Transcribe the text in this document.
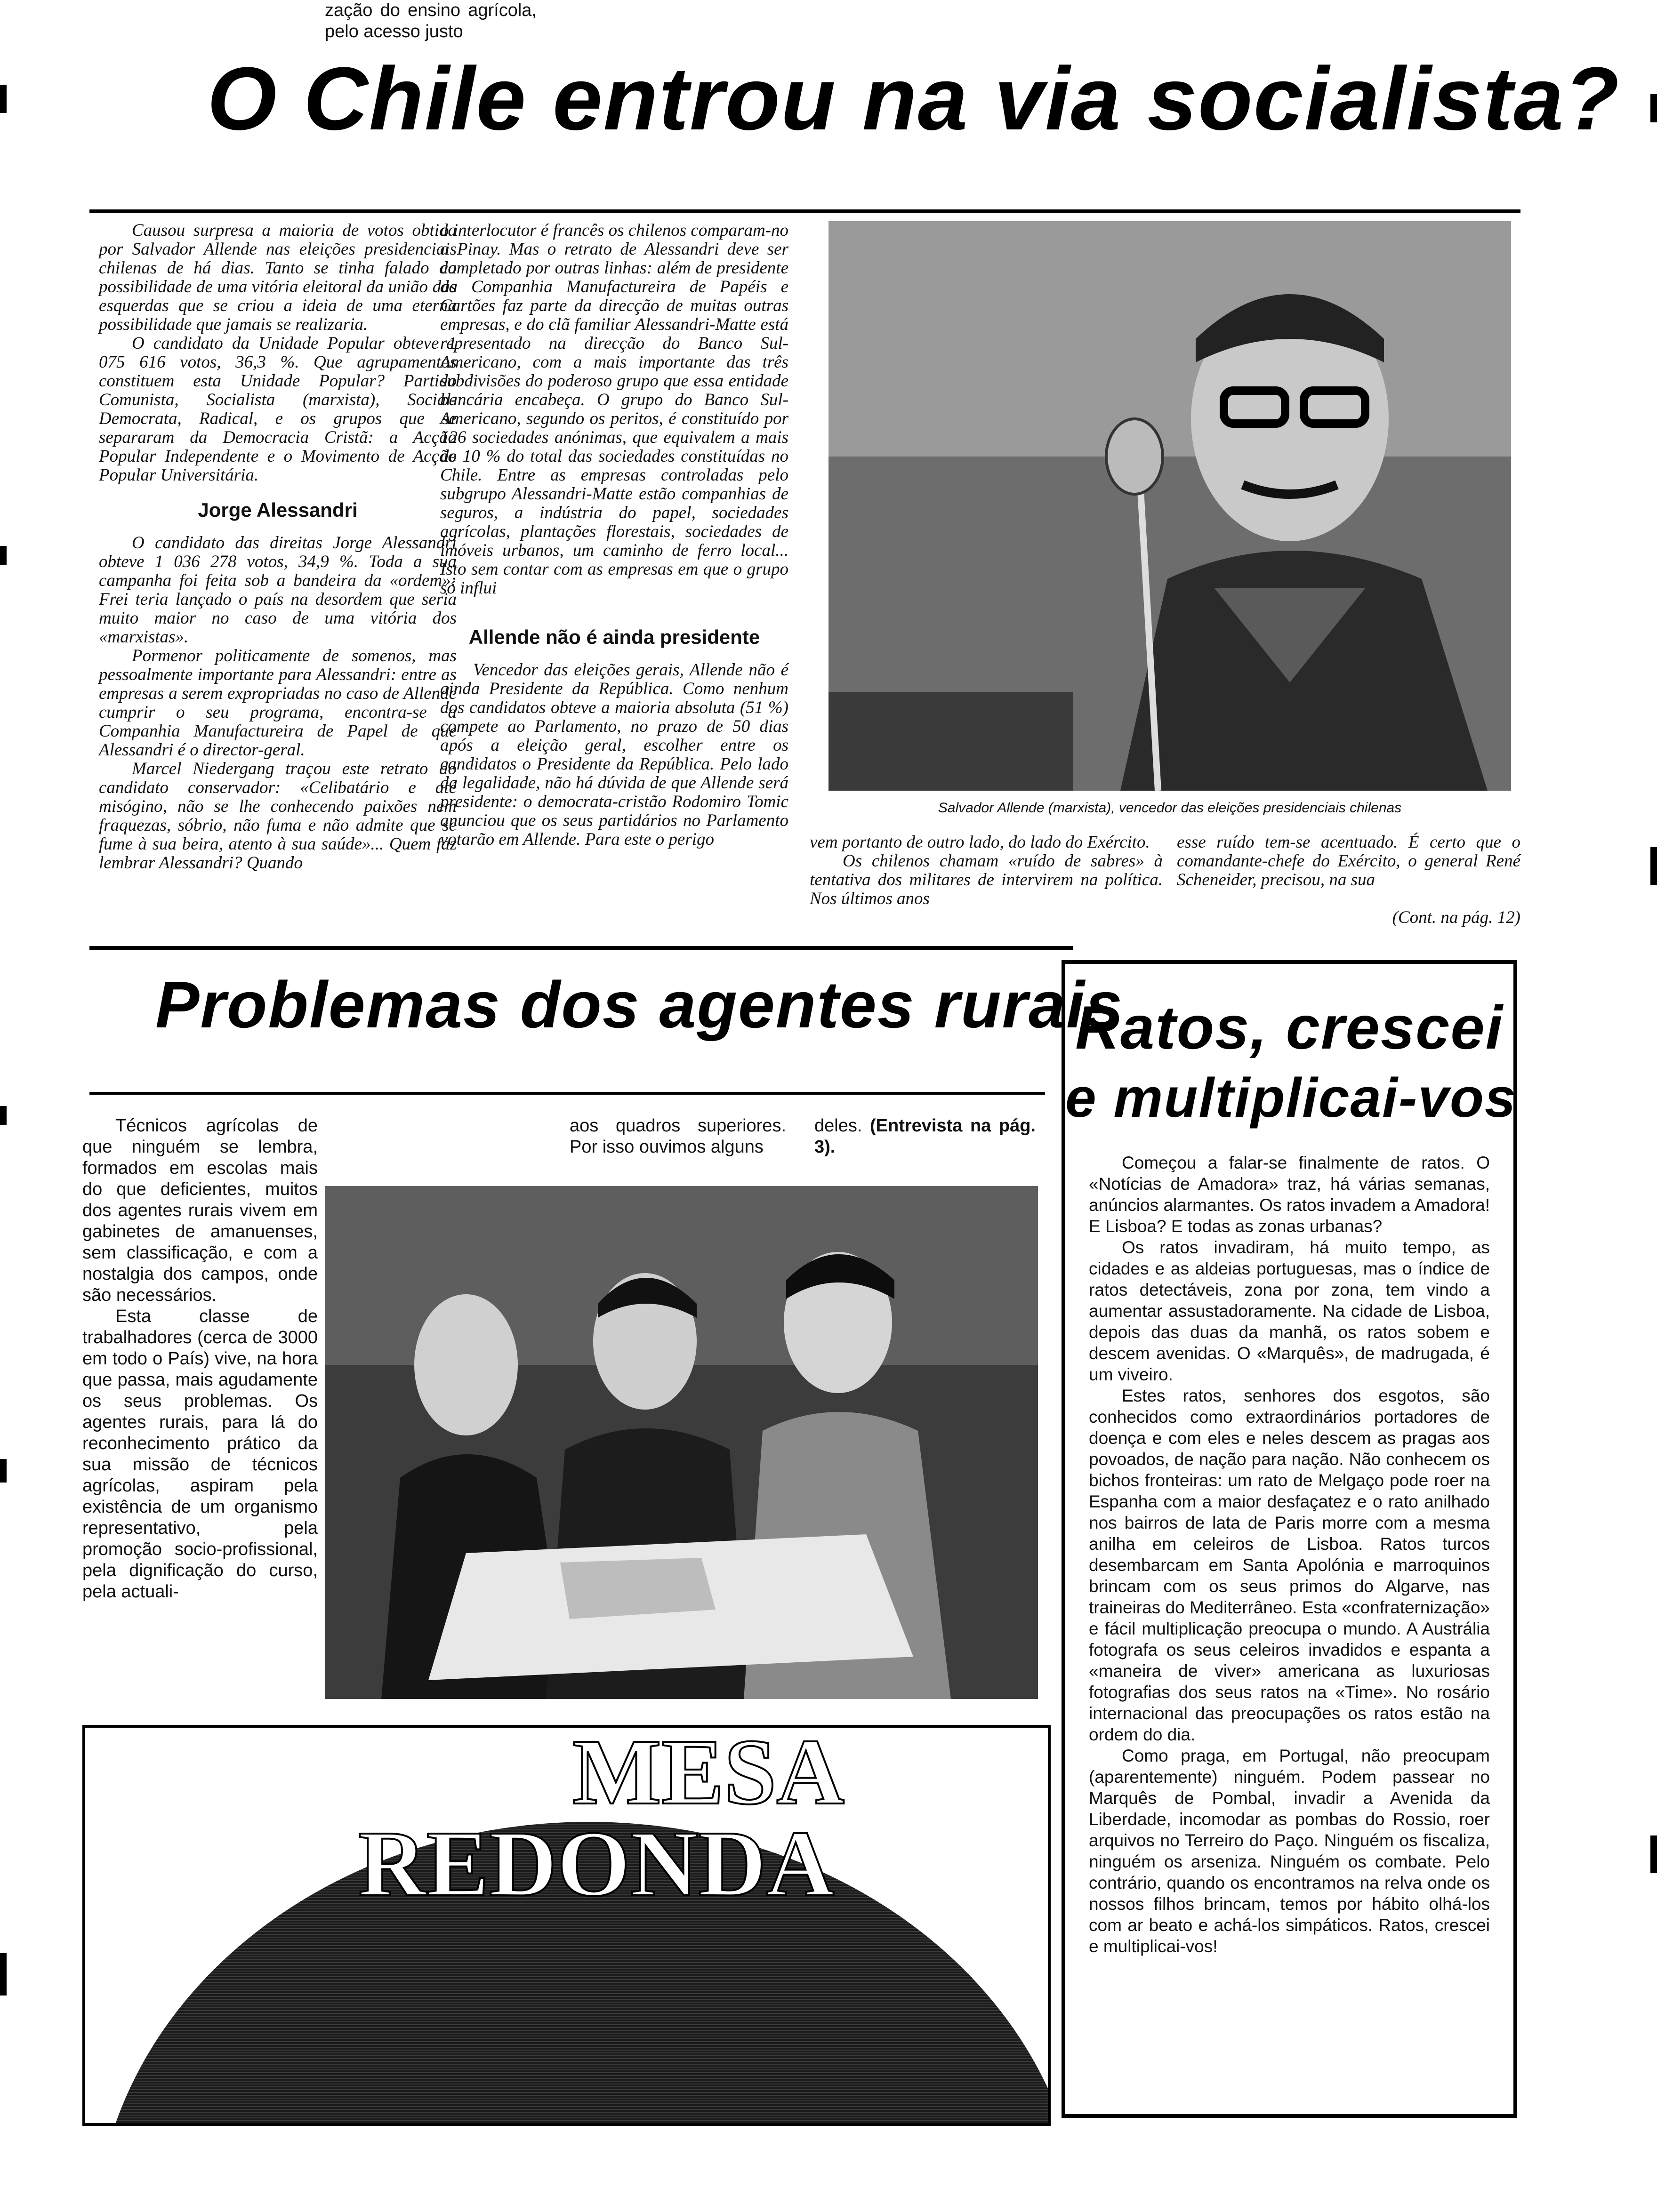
O Chile entrou na via socialista?

Causou surpresa a maioria de votos obtida por Salvador Allende nas eleições presidenciais chilenas de há dias. Tanto se tinha falado da possibilidade de uma vitória eleitoral da união das esquerdas que se criou a ideia de uma eterna possibilidade que jamais se realizaria.

O candidato da Unidade Popular obteve 1 075 616 votos, 36,3 %. Que agrupamentos constituem esta Unidade Popular? Partido Comunista, Socialista (marxista), Social-Democrata, Radical, e os grupos que se separaram da Democracia Cristã: a Acção Popular Independente e o Movimento de Acção Popular Universitária.

Jorge Alessandri

O candidato das direitas Jorge Alessandri obteve 1 036 278 votos, 34,9 %. Toda a sua campanha foi feita sob a bandeira da «ordem»: Frei teria lançado o país na desordem que seria muito maior no caso de uma vitória dos «marxistas».

Pormenor politicamente de somenos, mas pessoalmente importante para Alessandri: entre as empresas a serem expropriadas no caso de Allende cumprir o seu programa, encontra-se a Companhia Manufactureira de Papel de que Alessandri é o director-geral.

Marcel Niedergang traçou este retrato do candidato conservador: «Celibatário e até misógino, não se lhe conhecendo paixões nem fraquezas, sóbrio, não fuma e não admite que se fume à sua beira, atento à sua saúde»... Quem faz lembrar Alessandri? Quando

o interlocutor é francês os chilenos comparam-no a Pinay. Mas o retrato de Alessandri deve ser completado por outras linhas: além de presidente da Companhia Manufactureira de Papéis e Cartões faz parte da direcção de muitas outras empresas, e do clã familiar Alessandri-Matte está representado na direcção do Banco Sul-Americano, com a mais importante das três subdivisões do poderoso grupo que essa entidade bancária encabeça. O grupo do Banco Sul-Americano, segundo os peritos, é constituído por 126 sociedades anónimas, que equivalem a mais de 10 % do total das sociedades constituídas no Chile. Entre as empresas controladas pelo subgrupo Alessandri-Matte estão companhias de seguros, a indústria do papel, sociedades agrícolas, plantações florestais, sociedades de imóveis urbanos, um caminho de ferro local... Isto sem contar com as empresas em que o grupo só influi

Allende não é ainda presidente

Vencedor das eleições gerais, Allende não é ainda Presidente da República. Como nenhum dos candidatos obteve a maioria absoluta (51 %) compete ao Parlamento, no prazo de 50 dias após a eleição geral, escolher entre os candidatos o Presidente da República. Pelo lado da legalidade, não há dúvida de que Allende será presidente: o democrata-cristão Rodomiro Tomic anunciou que os seus partidários no Parlamento votarão em Allende. Para este o perigo

Salvador Allende (marxista), vencedor das eleições presidenciais chilenas

vem portanto de outro lado, do lado do Exército.

Os chilenos chamam «ruído de sabres» à tentativa dos militares de intervirem na política. Nos últimos anos

esse ruído tem-se acentuado. É certo que o comandante-chefe do Exército, o general René Scheneider, precisou, na sua

(Cont. na pág. 12)

Problemas dos agentes rurais

Técnicos agrícolas de que ninguém se lembra, formados em escolas mais do que deficientes, muitos dos agentes rurais vivem em gabinetes de amanuenses, sem classificação, e com a nostalgia dos campos, onde são necessários.

Esta classe de trabalhadores (cerca de 3000 em todo o País) vive, na hora que passa, mais agudamente os seus problemas. Os agentes rurais, para lá do reconhecimento prático da sua missão de técnicos agrícolas, aspiram pela existência de um organismo representativo, pela promoção socio-profissional, pela dignificação do curso, pela actuali-

zação do ensino agrícola, pelo acesso justo

aos quadros superiores. Por isso ouvimos alguns

deles. (Entrevista na pág. 3).

MESA
REDONDA
Ratos, crescei
e multiplicai-vos

Começou a falar-se finalmente de ratos. O «Notícias de Amadora» traz, há várias semanas, anúncios alarmantes. Os ratos invadem a Amadora! E Lisboa? E todas as zonas urbanas?

Os ratos invadiram, há muito tempo, as cidades e as aldeias portuguesas, mas o índice de ratos detectáveis, zona por zona, tem vindo a aumentar assustadoramente. Na cidade de Lisboa, depois das duas da manhã, os ratos sobem e descem avenidas. O «Marquês», de madrugada, é um viveiro.

Estes ratos, senhores dos esgotos, são conhecidos como extraordinários portadores de doença e com eles e neles descem as pragas aos povoados, de nação para nação. Não conhecem os bichos fronteiras: um rato de Melgaço pode roer na Espanha com a maior desfaçatez e o rato anilhado nos bairros de lata de Paris morre com a mesma anilha em celeiros de Lisboa. Ratos turcos desembarcam em Santa Apolónia e marroquinos brincam com os seus primos do Algarve, nas traineiras do Mediterrâneo. Esta «confraternização» e fácil multiplicação preocupa o mundo. A Austrália fotografa os seus celeiros invadidos e espanta a «maneira de viver» americana as luxuriosas fotografias dos seus ratos na «Time». No rosário internacional das preocupações os ratos estão na ordem do dia.

Como praga, em Portugal, não preocupam (aparentemente) ninguém. Podem passear no Marquês de Pombal, invadir a Avenida da Liberdade, incomodar as pombas do Rossio, roer arquivos no Terreiro do Paço. Ninguém os fiscaliza, ninguém os arseniza. Ninguém os combate. Pelo contrário, quando os encontramos na relva onde os nossos filhos brincam, temos por hábito olhá-los com ar beato e achá-los simpáticos. Ratos, crescei e multiplicai-vos!
